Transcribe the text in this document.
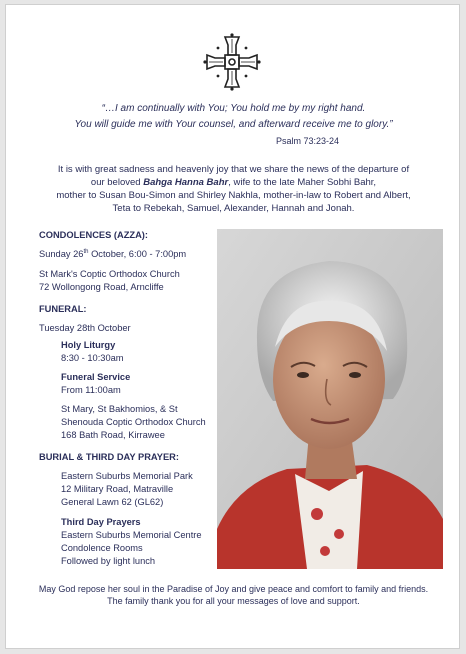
“…I am continually with You; You hold me by my right hand.
You will guide me with Your counsel, and afterward receive me to glory.”
Psalm 73:23-24
It is with great sadness and heavenly joy that we share the news of the departure of
our beloved Bahga Hanna Bahr, wife to the late Maher Sobhi Bahr,
mother to Susan Bou-Simon and Shirley Nakhla, mother-in-law to Robert and Albert,
Teta to Rebekah, Samuel, Alexander, Hannah and Jonah.
CONDOLENCES (AZZA):
Sunday 26th October, 6:00 - 7:00pm
St Mark's Coptic Orthodox Church
72 Wollongong Road, Arncliffe
FUNERAL:
Tuesday 28th October
Holy Liturgy
8:30 - 10:30am
Funeral Service
From 11:00am
St Mary, St Bakhomios, & St
Shenouda Coptic Orthodox Church
168 Bath Road, Kirrawee
BURIAL & THIRD DAY PRAYER:
Eastern Suburbs Memorial Park
12 Military Road, Matraville
General Lawn 62 (GL62)
Third Day Prayers
Eastern Suburbs Memorial Centre
Condolence Rooms
Followed by light lunch
May God repose her soul in the Paradise of Joy and give peace and comfort to family and friends.
The family thank you for all your messages of love and support.
